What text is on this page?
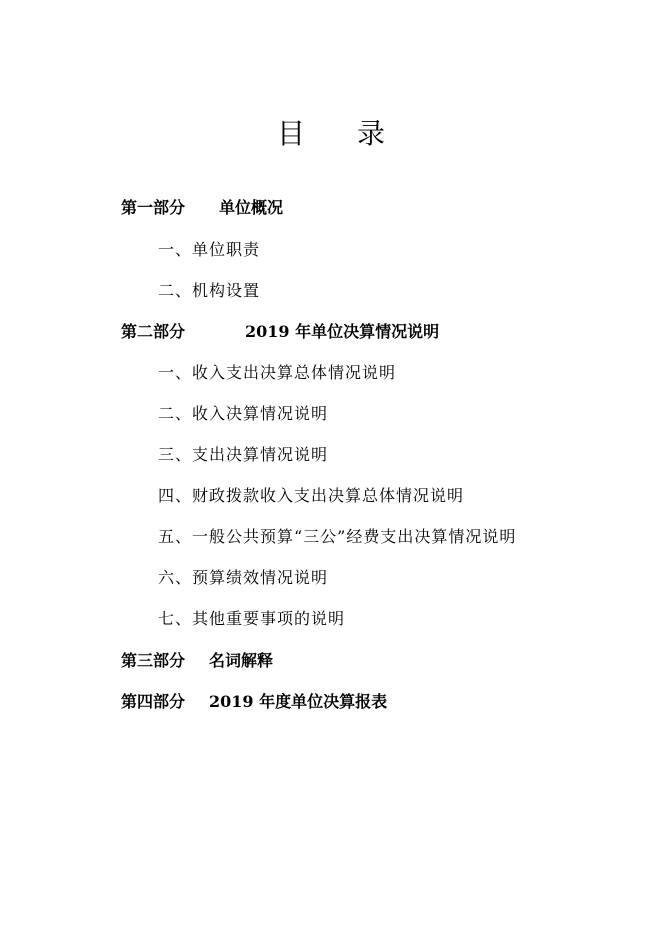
目 录
第一部分 单位概况
一、单位职责
二、机构设置
第二部分	2019 年单位决算情况说明
一、收入支出决算总体情况说明
二、收入决算情况说明
三、支出决算情况说明
四、财政拨款收入支出决算总体情况说明
五、一般公共预算“三公”经费支出决算情况说明
六、预算绩效情况说明
七、其他重要事项的说明
第三部分 名词解释
第四部分 2019 年度单位决算报表
